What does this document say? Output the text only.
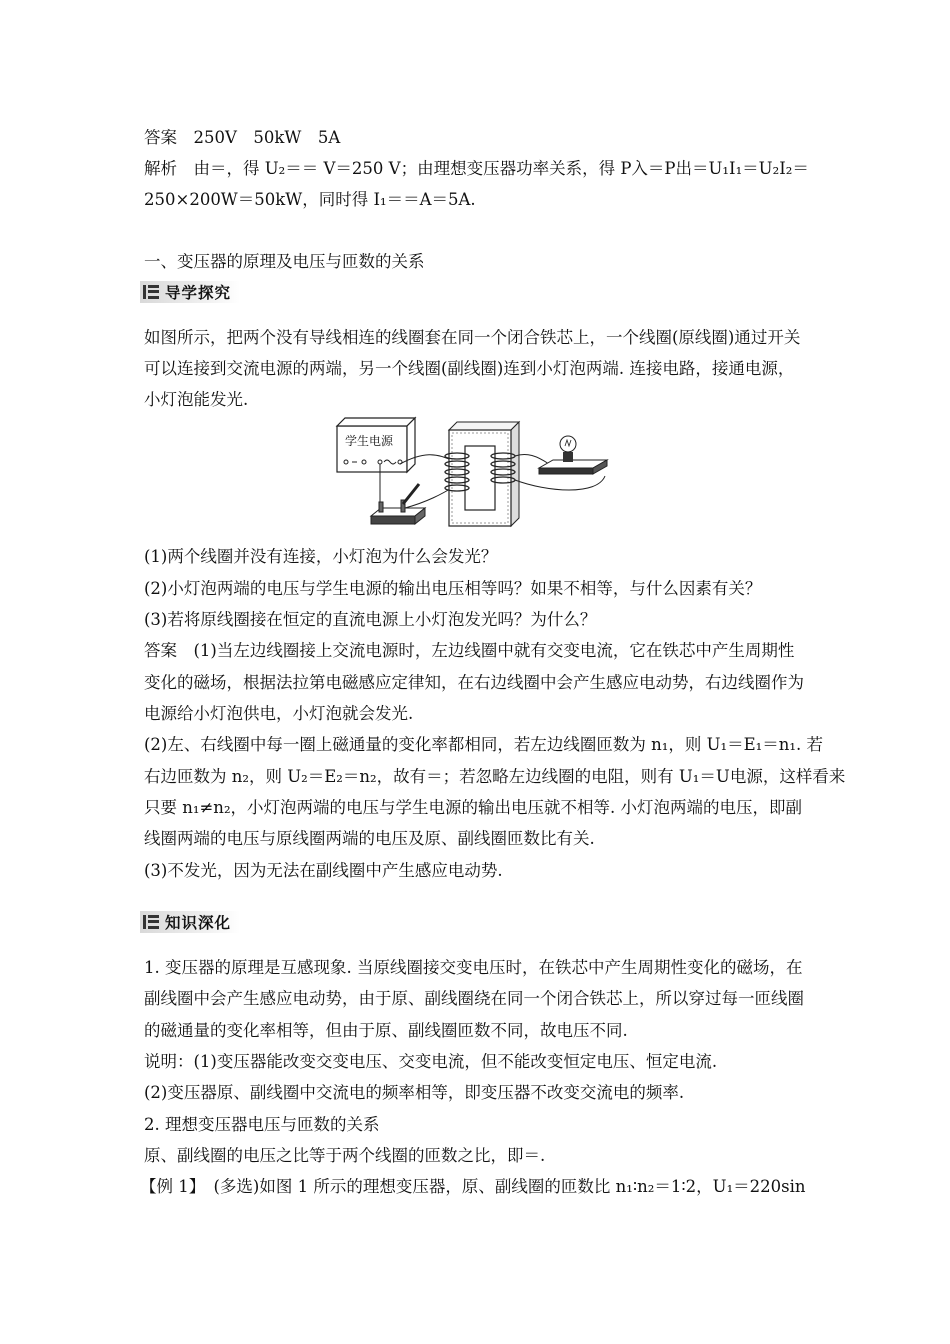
答案　250V　50kW　5A
解析　由＝，得 U₂＝＝ V＝250 V；由理想变压器功率关系，得 P入＝P出＝U₁I₁＝U₂I₂＝
250×200W＝50kW，同时得 I₁＝＝A＝5A.
一、变压器的原理及电压与匝数的关系
导学探究
如图所示，把两个没有导线相连的线圈套在同一个闭合铁芯上，一个线圈(原线圈)通过开关
可以连接到交流电源的两端，另一个线圈(副线圈)连到小灯泡两端. 连接电路，接通电源，
小灯泡能发光.
学生电源
(1)两个线圈并没有连接，小灯泡为什么会发光？
(2)小灯泡两端的电压与学生电源的输出电压相等吗？如果不相等，与什么因素有关？
(3)若将原线圈接在恒定的直流电源上小灯泡发光吗？为什么？
答案　(1)当左边线圈接上交流电源时，左边线圈中就有交变电流，它在铁芯中产生周期性
变化的磁场，根据法拉第电磁感应定律知，在右边线圈中会产生感应电动势，右边线圈作为
电源给小灯泡供电，小灯泡就会发光.
(2)左、右线圈中每一圈上磁通量的变化率都相同，若左边线圈匝数为 n₁，则 U₁＝E₁＝n₁. 若
右边匝数为 n₂，则 U₂＝E₂＝n₂，故有＝；若忽略左边线圈的电阻，则有 U₁＝U电源，这样看来
只要 n₁≠n₂，小灯泡两端的电压与学生电源的输出电压就不相等. 小灯泡两端的电压，即副
线圈两端的电压与原线圈两端的电压及原、副线圈匝数比有关.
(3)不发光，因为无法在副线圈中产生感应电动势.
知识深化
1. 变压器的原理是互感现象. 当原线圈接交变电压时，在铁芯中产生周期性变化的磁场，在
副线圈中会产生感应电动势，由于原、副线圈绕在同一个闭合铁芯上，所以穿过每一匝线圈
的磁通量的变化率相等，但由于原、副线圈匝数不同，故电压不同.
说明：(1)变压器能改变交变电压、交变电流，但不能改变恒定电压、恒定电流.
(2)变压器原、副线圈中交流电的频率相等，即变压器不改变交流电的频率.
2. 理想变压器电压与匝数的关系
原、副线圈的电压之比等于两个线圈的匝数之比，即＝.
【例 1】　(多选)如图 1 所示的理想变压器，原、副线圈的匝数比 n₁∶n₂＝1∶2，U₁＝220sin
